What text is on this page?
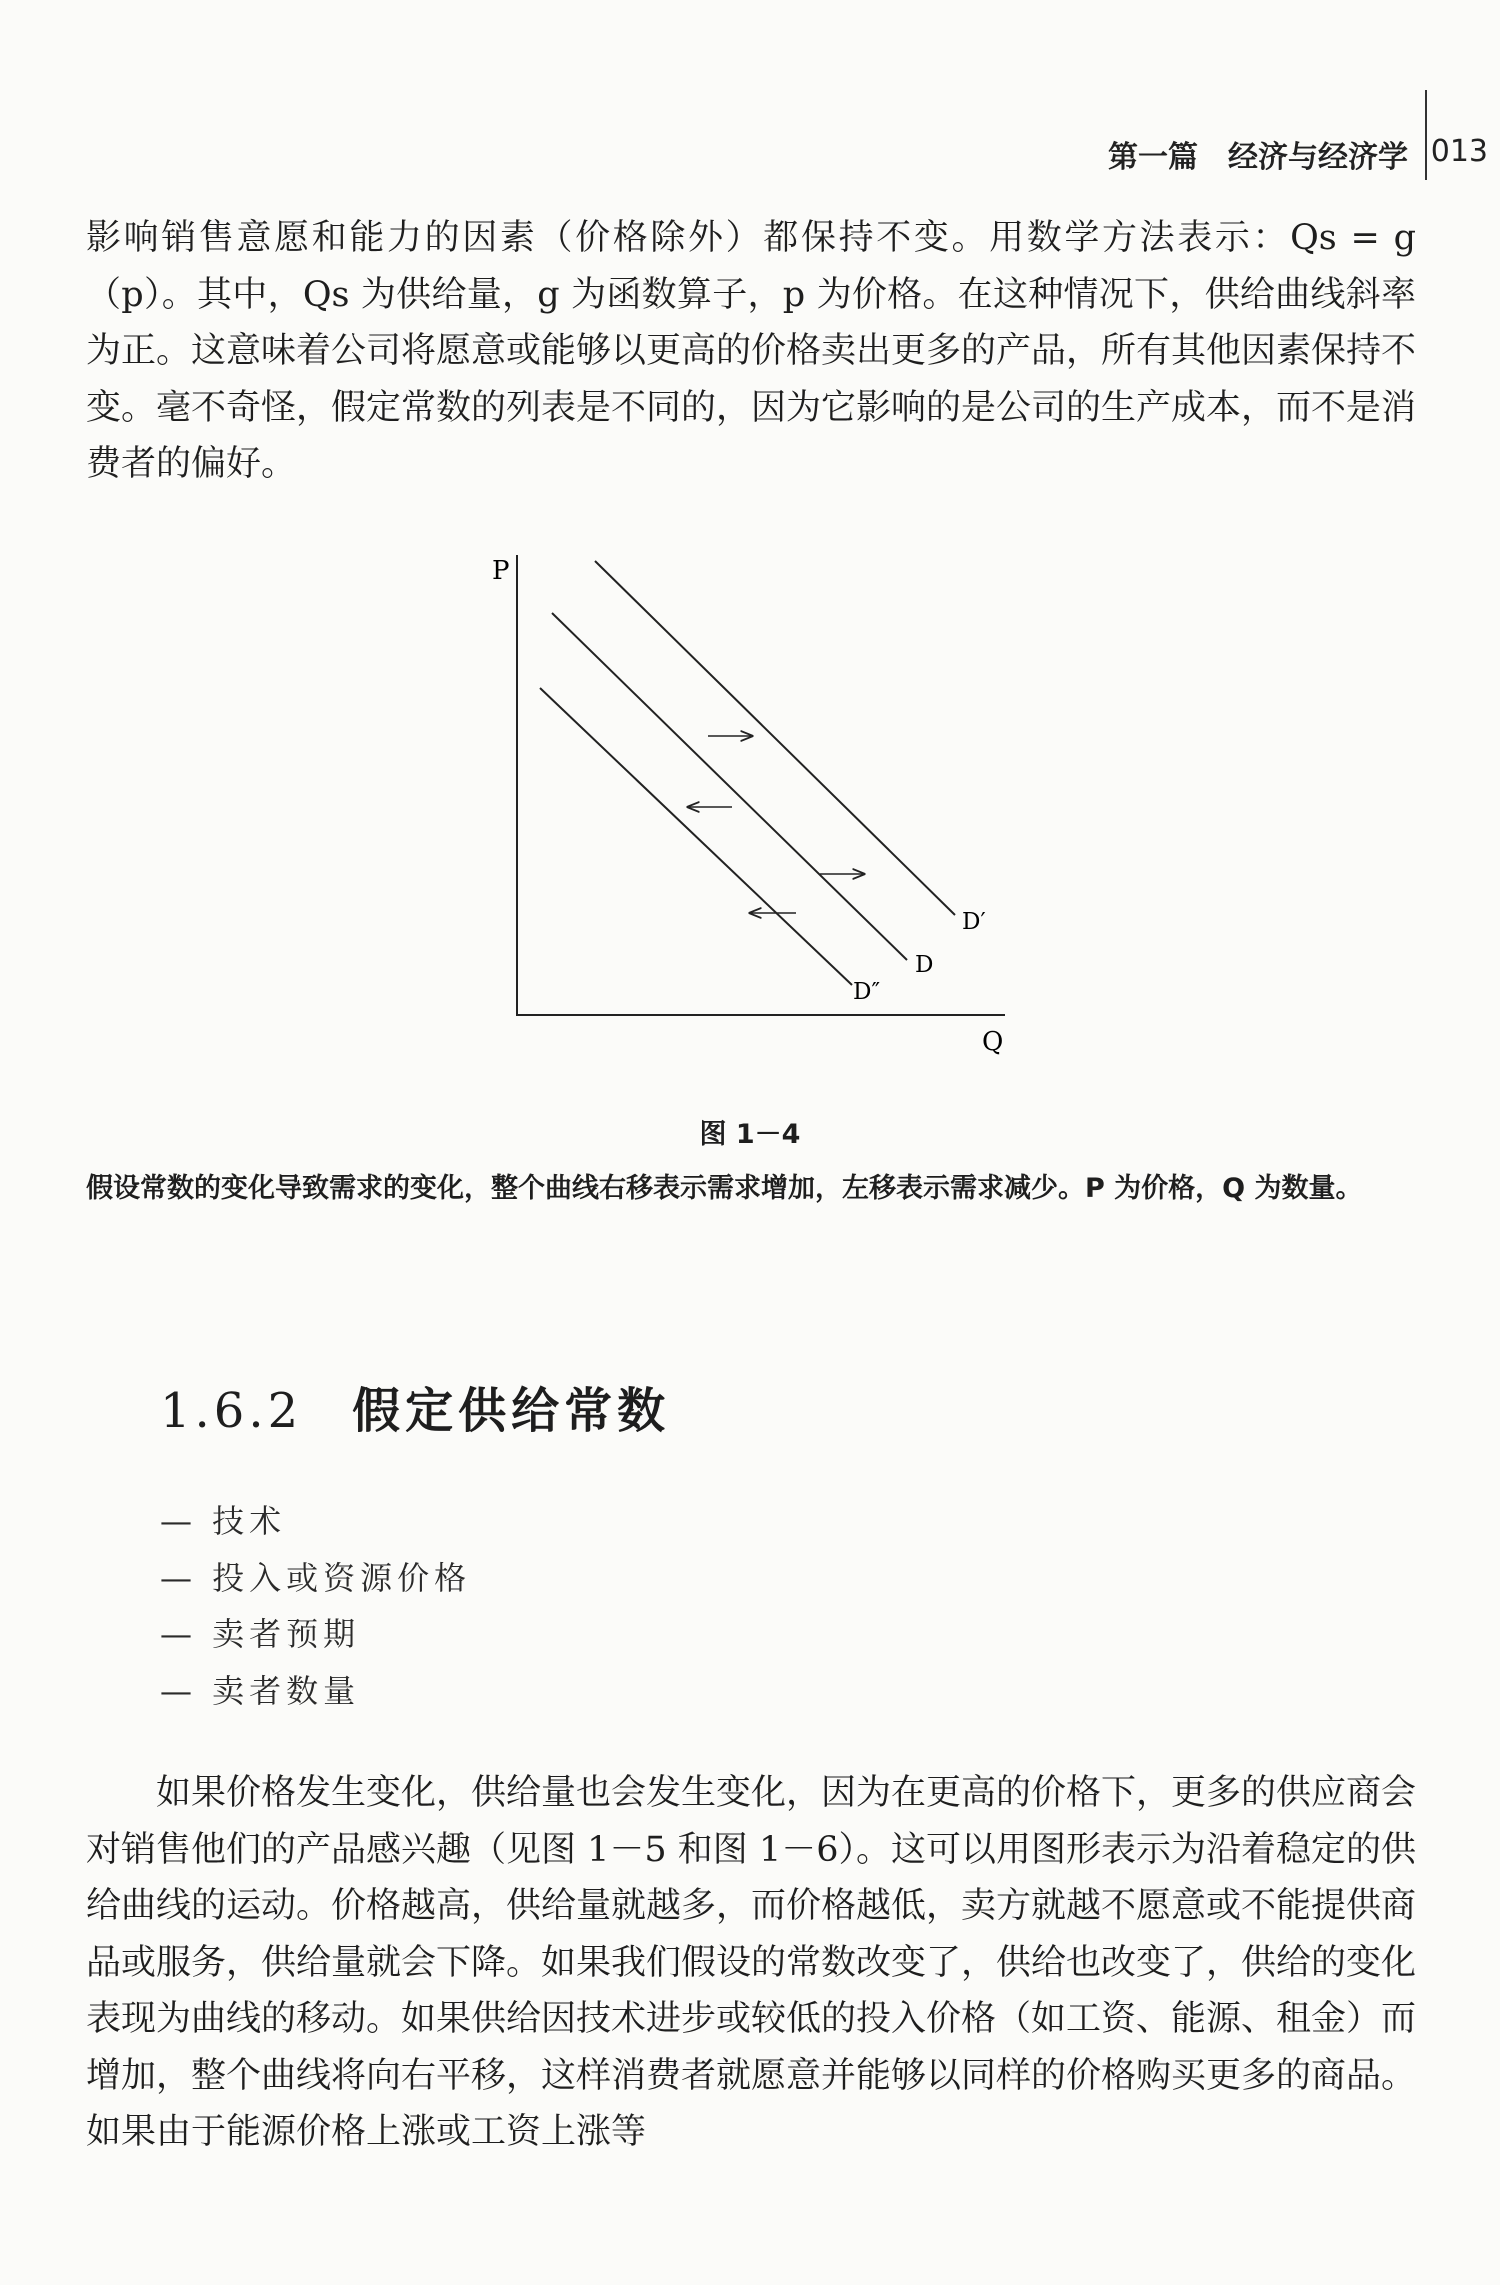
第一篇　经济与经济学 013

影响销售意愿和能力的因素（价格除外）都保持不变。用数学方法表示：Qs = g（p）。其中，Qs 为供给量，g 为函数算子，p 为价格。在这种情况下，供给曲线斜率为正。这意味着公司将愿意或能够以更高的价格卖出更多的产品，所有其他因素保持不变。毫不奇怪，假定常数的列表是不同的，因为它影响的是公司的生产成本，而不是消费者的偏好。

P
Q
D′
D
D″
图 1－4

假设常数的变化导致需求的变化，整个曲线右移表示需求增加，左移表示需求减少。P 为价格，Q 为数量。

1.6.2 假定供给常数
— 技术
— 投入或资源价格
— 卖者预期
— 卖者数量

如果价格发生变化，供给量也会发生变化，因为在更高的价格下，更多的供应商会对销售他们的产品感兴趣（见图 1－5 和图 1－6）。这可以用图形表示为沿着稳定的供给曲线的运动。价格越高，供给量就越多，而价格越低，卖方就越不愿意或不能提供商品或服务，供给量就会下降。如果我们假设的常数改变了，供给也改变了，供给的变化表现为曲线的移动。如果供给因技术进步或较低的投入价格（如工资、能源、租金）而增加，整个曲线将向右平移，这样消费者就愿意并能够以同样的价格购买更多的商品。如果由于能源价格上涨或工资上涨等
